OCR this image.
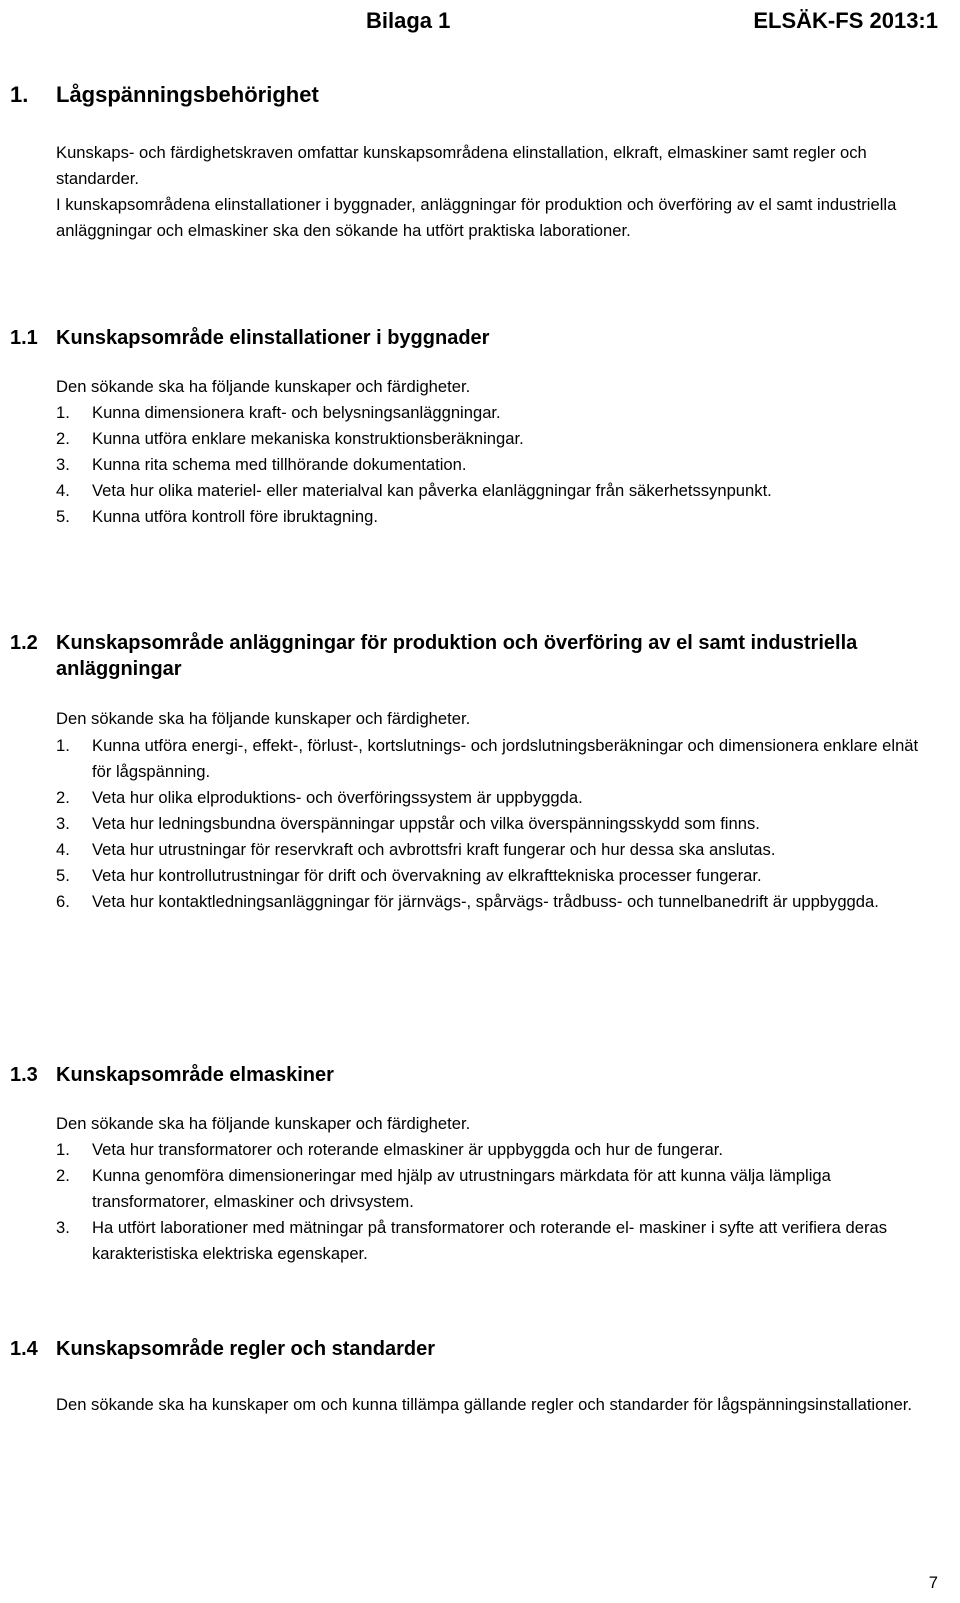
Bilaga 1	ELSÄK-FS 2013:1
1. Lågspänningsbehörighet

Kunskaps- och färdighetskraven omfattar kunskapsområdena elinstallation, elkraft, elmaskiner samt regler och standarder.

I kunskapsområdena elinstallationer i byggnader, anläggningar för produktion och överföring av el samt industriella anläggningar och elmaskiner ska den sökande ha utfört praktiska laborationer.

1.1 Kunskapsområde elinstallationer i byggnader

Den sökande ska ha följande kunskaper och färdigheter.

1.	Kunna dimensionera kraft- och belysningsanläggningar.
2.	Kunna utföra enklare mekaniska konstruktionsberäkningar.
3.	Kunna rita schema med tillhörande dokumentation.
4.	Veta hur olika materiel- eller materialval kan påverka elanläggningar från säkerhetssynpunkt.
5.	Kunna utföra kontroll före ibruktagning.
1.2 Kunskapsområde anläggningar för produktion och överföring av el samt industriella anläggningar

Den sökande ska ha följande kunskaper och färdigheter.

1.	Kunna utföra energi-, effekt-, förlust-, kortslutnings- och jordslutningsberäkningar och dimensionera enklare elnät för lågspänning.
2.	Veta hur olika elproduktions- och överföringssystem är uppbyggda.
3.	Veta hur ledningsbundna överspänningar uppstår och vilka överspänningsskydd som finns.
4.	Veta hur utrustningar för reservkraft och avbrottsfri kraft fungerar och hur dessa ska anslutas.
5.	Veta hur kontrollutrustningar för drift och övervakning av elkrafttekniska processer fungerar.
6.	Veta hur kontaktledningsanläggningar för järnvägs-, spårvägs- trådbuss- och tunnelbanedrift är uppbyggda.
1.3 Kunskapsområde elmaskiner

Den sökande ska ha följande kunskaper och färdigheter.

1.	Veta hur transformatorer och roterande elmaskiner är uppbyggda och hur de fungerar.
2.	Kunna genomföra dimensioneringar med hjälp av utrustningars märkdata för att kunna välja lämpliga transformatorer, elmaskiner och drivsystem.
3.	Ha utfört laborationer med mätningar på transformatorer och roterande el- maskiner i syfte att verifiera deras karakteristiska elektriska egenskaper.
1.4 Kunskapsområde regler och standarder

Den sökande ska ha kunskaper om och kunna tillämpa gällande regler och standarder för lågspänningsinstallationer.

7
